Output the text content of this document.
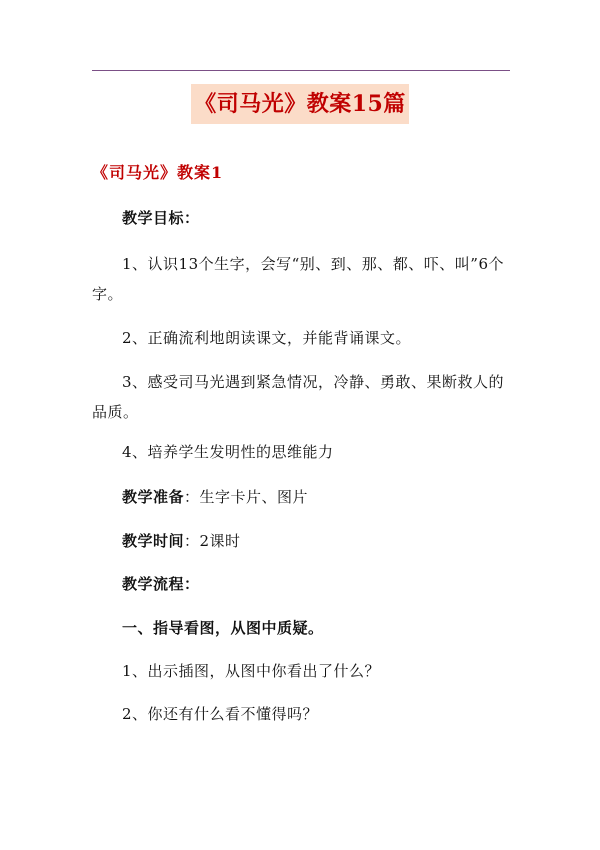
《司马光》教案15篇
《司马光》教案1

教学目标：

1、认识13个生字，会写“别、到、那、都、吓、叫”6个字。

2、正确流利地朗读课文，并能背诵课文。

3、感受司马光遇到紧急情况，冷静、勇敢、果断救人的品质。

4、培养学生发明性的思维能力

教学准备：生字卡片、图片

教学时间：2课时

教学流程：

一、指导看图，从图中质疑。

1、出示插图，从图中你看出了什么？

2、你还有什么看不懂得吗？
